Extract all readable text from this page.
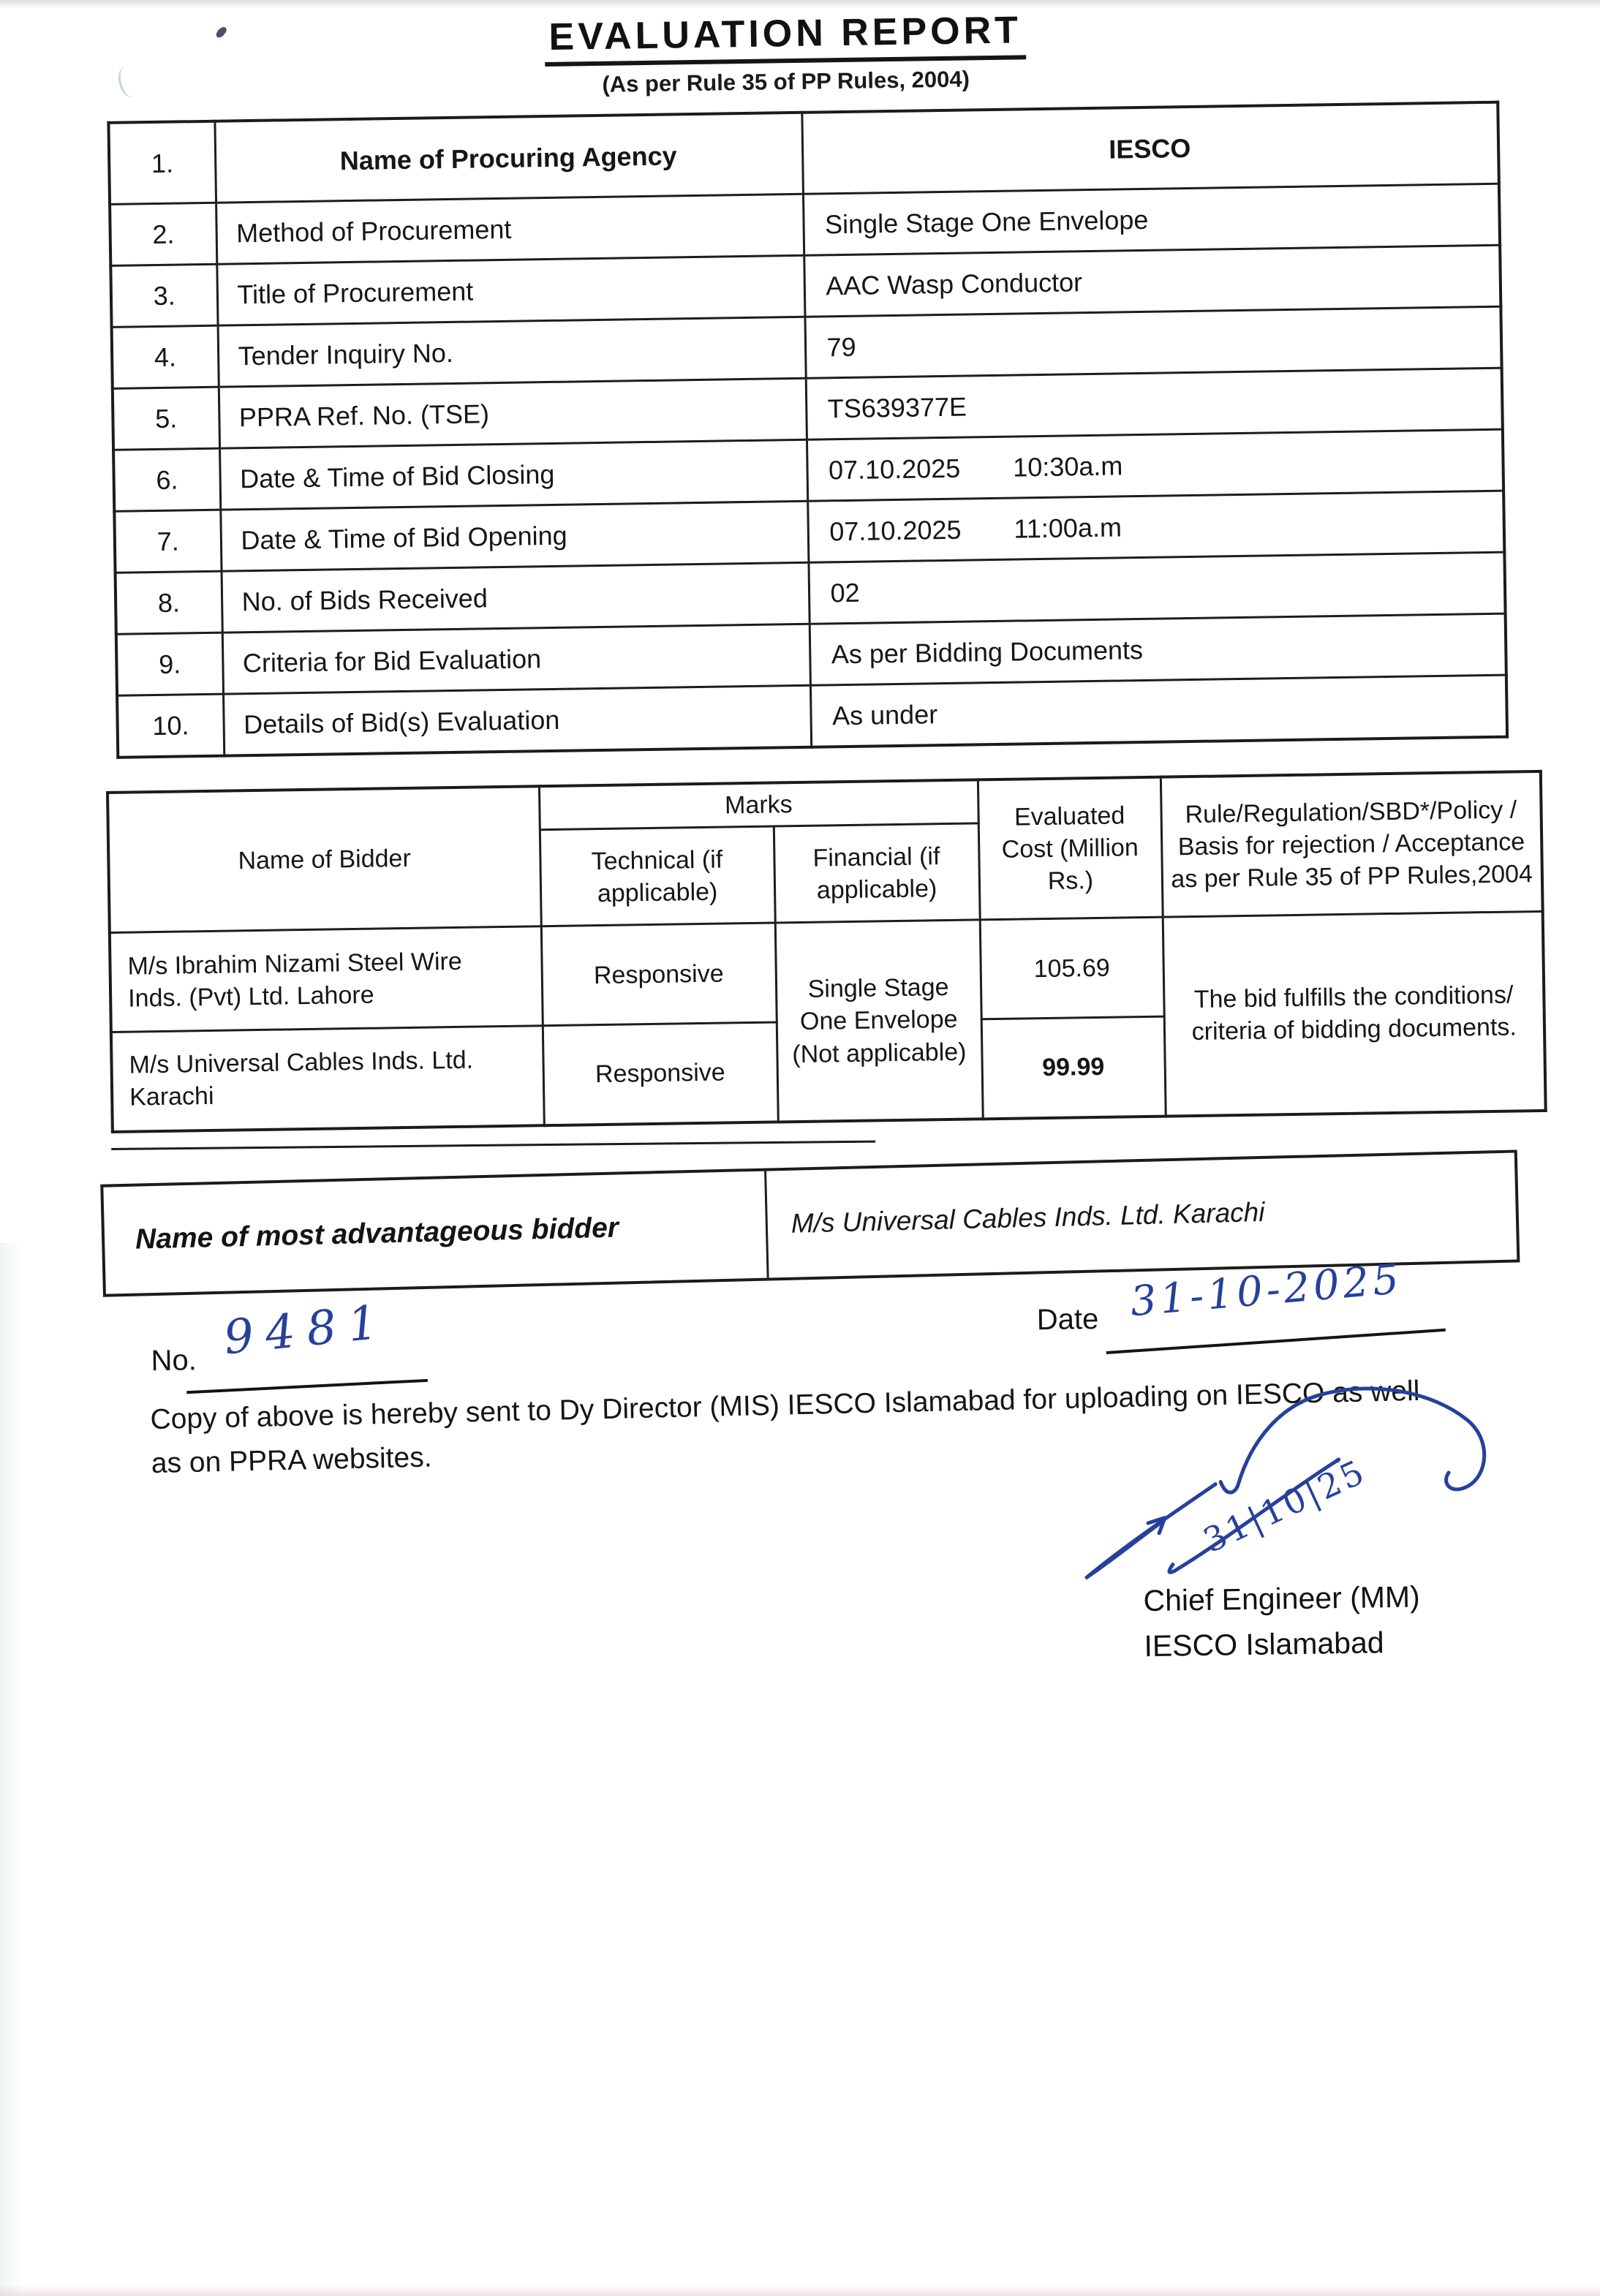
EVALUATION REPORT
(As per Rule 35 of PP Rules, 2004)
1.	Name of Procuring Agency	IESCO
2.	Method of Procurement	Single Stage One Envelope
3.	Title of Procurement	AAC Wasp Conductor
4.	Tender Inquiry No.	79
5.	PPRA Ref. No. (TSE)	TS639377E
6.	Date & Time of Bid Closing	07.10.2025 10:30a.m
7.	Date & Time of Bid Opening	07.10.2025 11:00a.m
8.	No. of Bids Received	02
9.	Criteria for Bid Evaluation	As per Bidding Documents
10.	Details of Bid(s) Evaluation	As under
Name of Bidder	Marks		Evaluated Cost (Million Rs.)	Rule/Regulation/SBD*/Policy / Basis for rejection / Acceptance as per Rule 35 of PP Rules,2004
	Technical (if applicable)	Financial (if applicable)		
M/s Ibrahim Nizami Steel Wire Inds. (Pvt) Ltd. Lahore	Responsive	Single Stage One Envelope (Not applicable)	105.69	The bid fulfills the conditions/ criteria of bidding documents.
M/s Universal Cables Inds. Ltd. Karachi	Responsive		99.99	
Name of most advantageous bidder	M/s Universal Cables Inds. Ltd. Karachi
No. 9481	Date 31-10-2025
Copy of above is hereby sent to Dy Director (MIS) IESCO Islamabad for uploading on IESCO as well as on PPRA websites.	31|10|25
Chief Engineer (MM)
IESCO Islamabad
